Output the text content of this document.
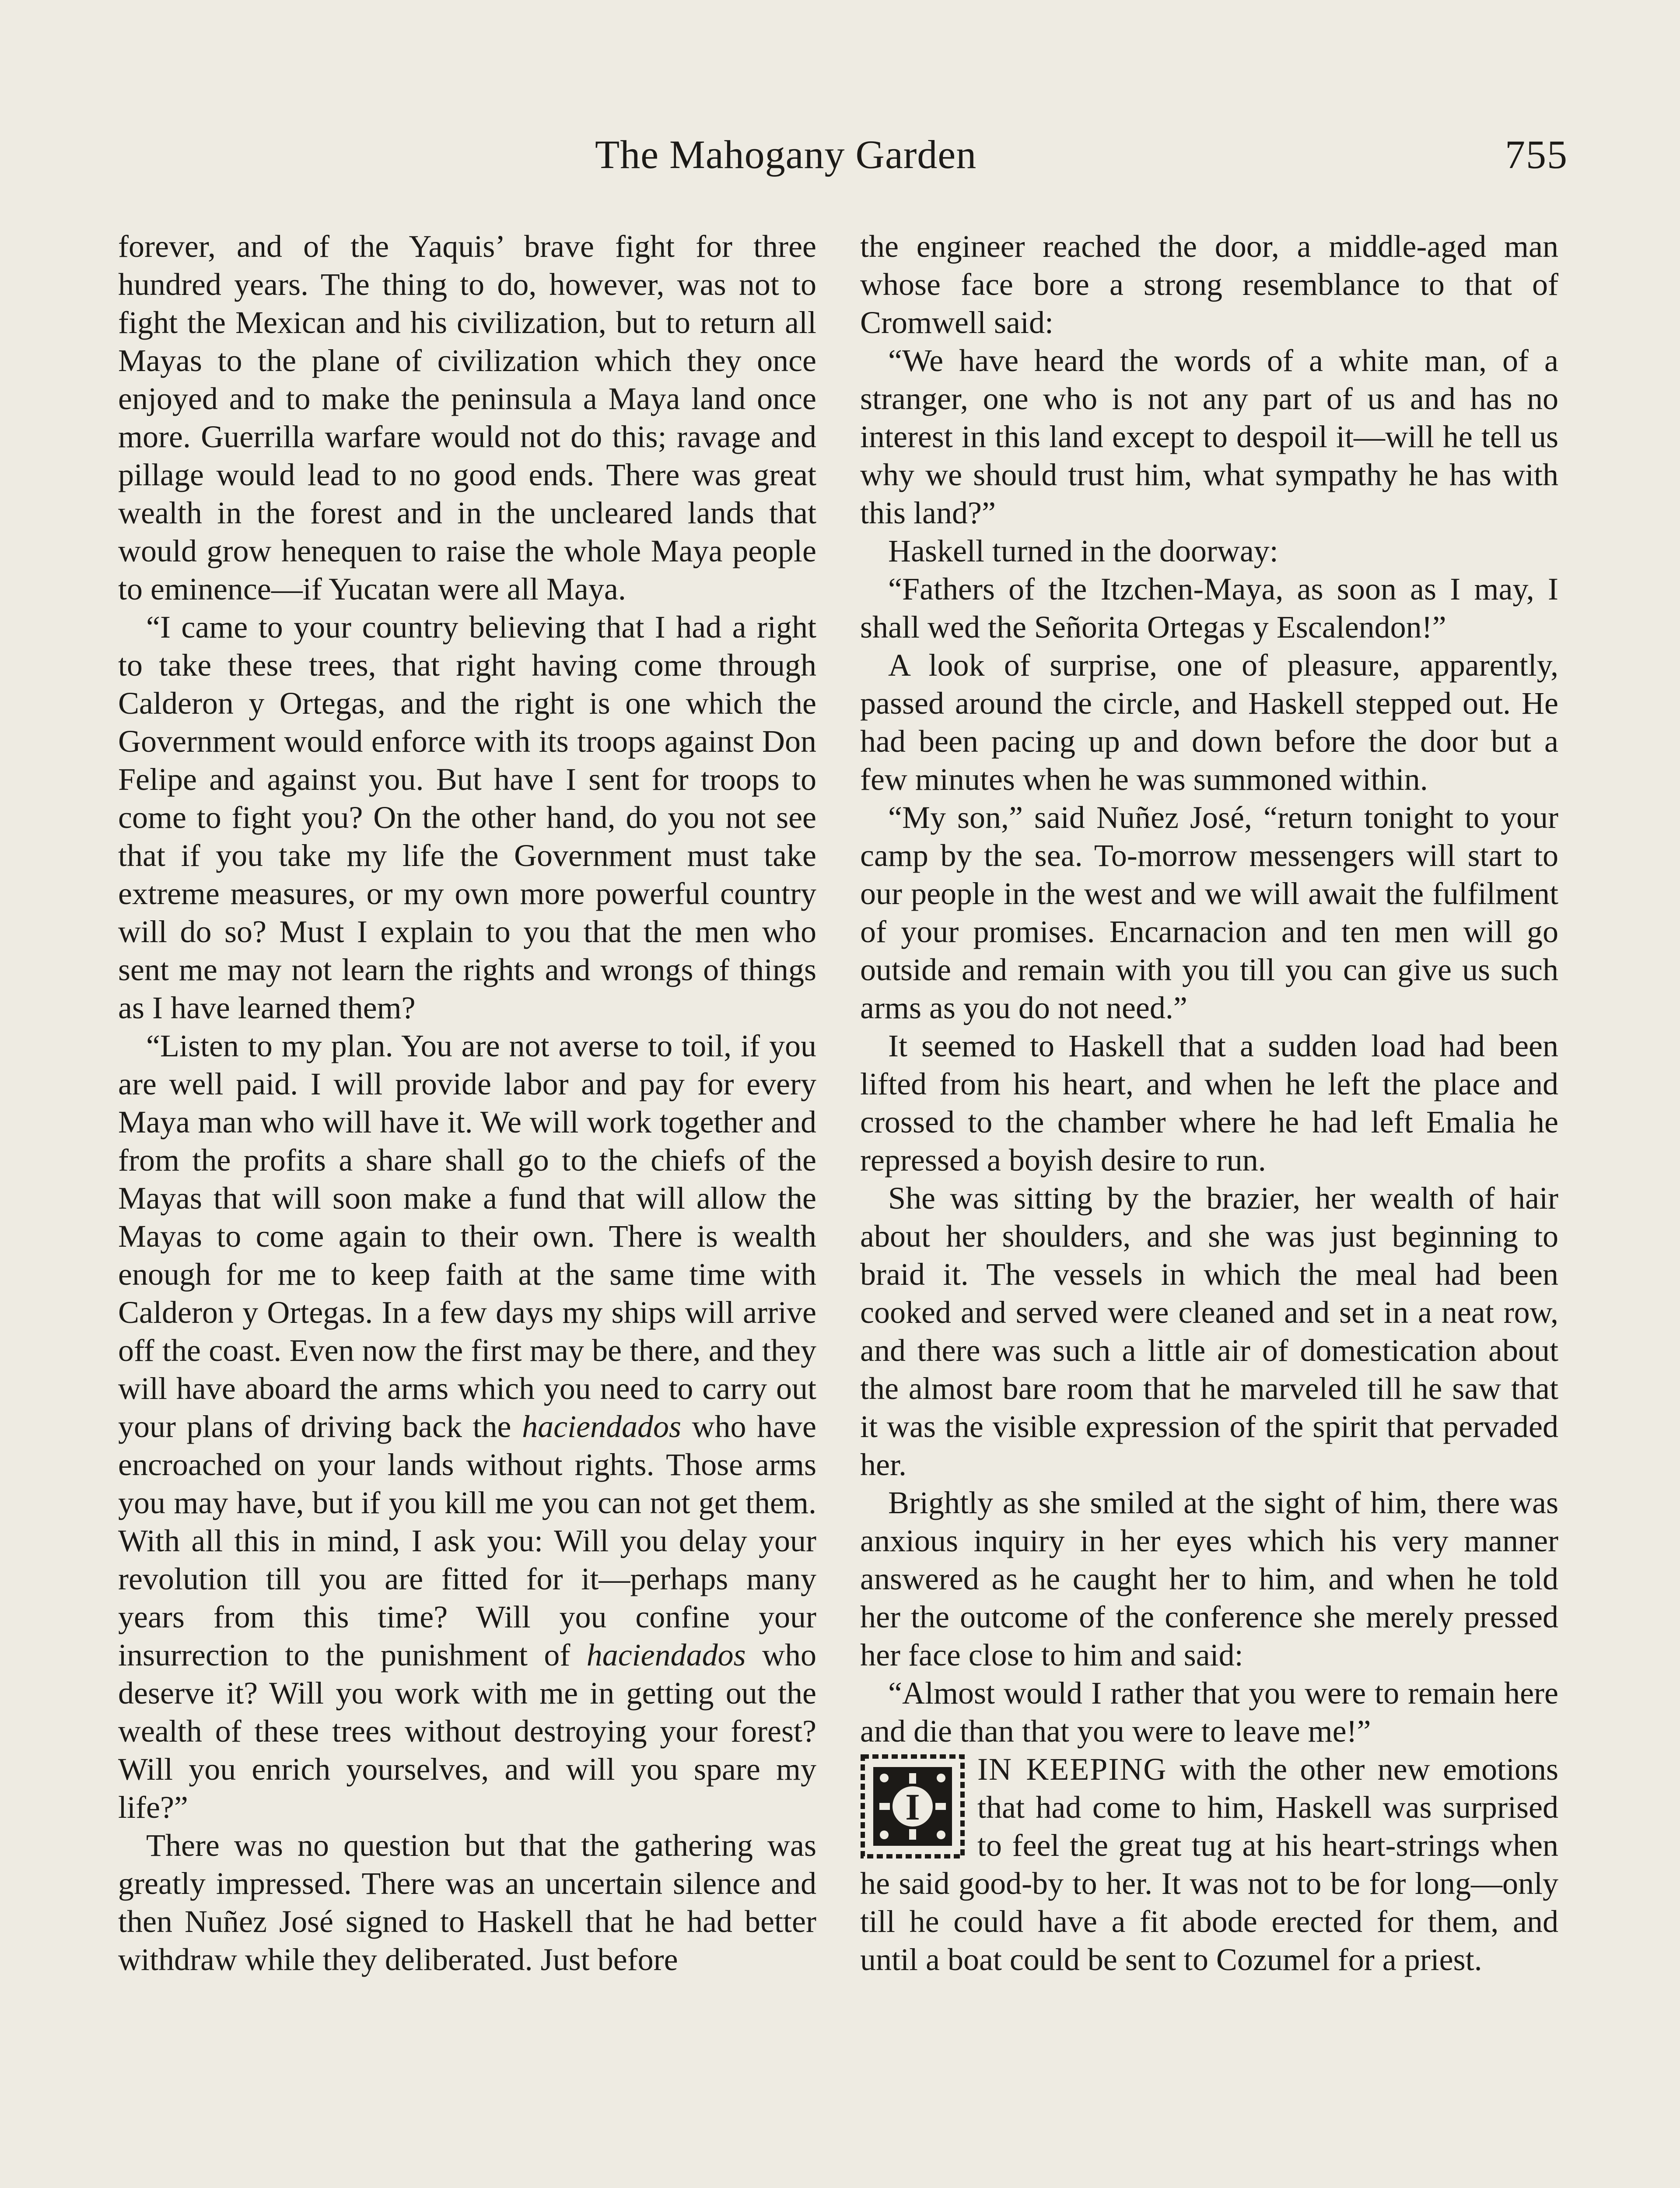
The Mahogany Garden	755

forever, and of the Yaquis’ brave fight for three hundred years. The thing to do, however, was not to fight the Mexican and his civilization, but to return all Mayas to the plane of civilization which they once enjoyed and to make the peninsula a Maya land once more. Guerrilla warfare would not do this; ravage and pillage would lead to no good ends. There was great wealth in the forest and in the uncleared lands that would grow henequen to raise the whole Maya people to eminence—if Yucatan were all Maya.

“I came to your country believing that I had a right to take these trees, that right having come through Calderon y Ortegas, and the right is one which the Government would enforce with its troops against Don Felipe and against you. But have I sent for troops to come to fight you? On the other hand, do you not see that if you take my life the Government must take extreme measures, or my own more powerful country will do so? Must I explain to you that the men who sent me may not learn the rights and wrongs of things as I have learned them?

“Listen to my plan. You are not averse to toil, if you are well paid. I will provide labor and pay for every Maya man who will have it. We will work together and from the profits a share shall go to the chiefs of the Mayas that will soon make a fund that will allow the Mayas to come again to their own. There is wealth enough for me to keep faith at the same time with Calderon y Ortegas. In a few days my ships will arrive off the coast. Even now the first may be there, and they will have aboard the arms which you need to carry out your plans of driving back the haciendados who have encroached on your lands without rights. Those arms you may have, but if you kill me you can not get them. With all this in mind, I ask you: Will you delay your revolution till you are fitted for it—perhaps many years from this time? Will you confine your insurrection to the punishment of haciendados who deserve it? Will you work with me in getting out the wealth of these trees without destroying your forest? Will you enrich yourselves, and will you spare my life?”

There was no question but that the gathering was greatly impressed. There was an uncertain silence and then Nuñez José signed to Haskell that he had better withdraw while they deliberated. Just before

the engineer reached the door, a middle-aged man whose face bore a strong resemblance to that of Cromwell said:

“We have heard the words of a white man, of a stranger, one who is not any part of us and has no interest in this land except to despoil it—will he tell us why we should trust him, what sympathy he has with this land?”

Haskell turned in the doorway:

“Fathers of the Itzchen-Maya, as soon as I may, I shall wed the Señorita Ortegas y Escalendon!”

A look of surprise, one of pleasure, apparently, passed around the circle, and Haskell stepped out. He had been pacing up and down before the door but a few minutes when he was summoned within.

“My son,” said Nuñez José, “return tonight to your camp by the sea. To-morrow messengers will start to our people in the west and we will await the fulfilment of your promises. Encarnacion and ten men will go outside and remain with you till you can give us such arms as you do not need.”

It seemed to Haskell that a sudden load had been lifted from his heart, and when he left the place and crossed to the chamber where he had left Emalia he repressed a boyish desire to run.

She was sitting by the brazier, her wealth of hair about her shoulders, and she was just beginning to braid it. The vessels in which the meal had been cooked and served were cleaned and set in a neat row, and there was such a little air of domestication about the almost bare room that he marveled till he saw that it was the visible expression of the spirit that pervaded her.

Brightly as she smiled at the sight of him, there was anxious inquiry in her eyes which his very manner answered as he caught her to him, and when he told her the outcome of the conference she merely pressed her face close to him and said:

“Almost would I rather that you were to remain here and die than that you were to leave me!”

I
IN KEEPING with the other new emotions that had come to him, Haskell was surprised to feel the great tug at his heart-strings when he said good-by to her. It was not to be for long—only till he could have a fit abode erected for them, and until a boat could be sent to Cozumel for a priest.
